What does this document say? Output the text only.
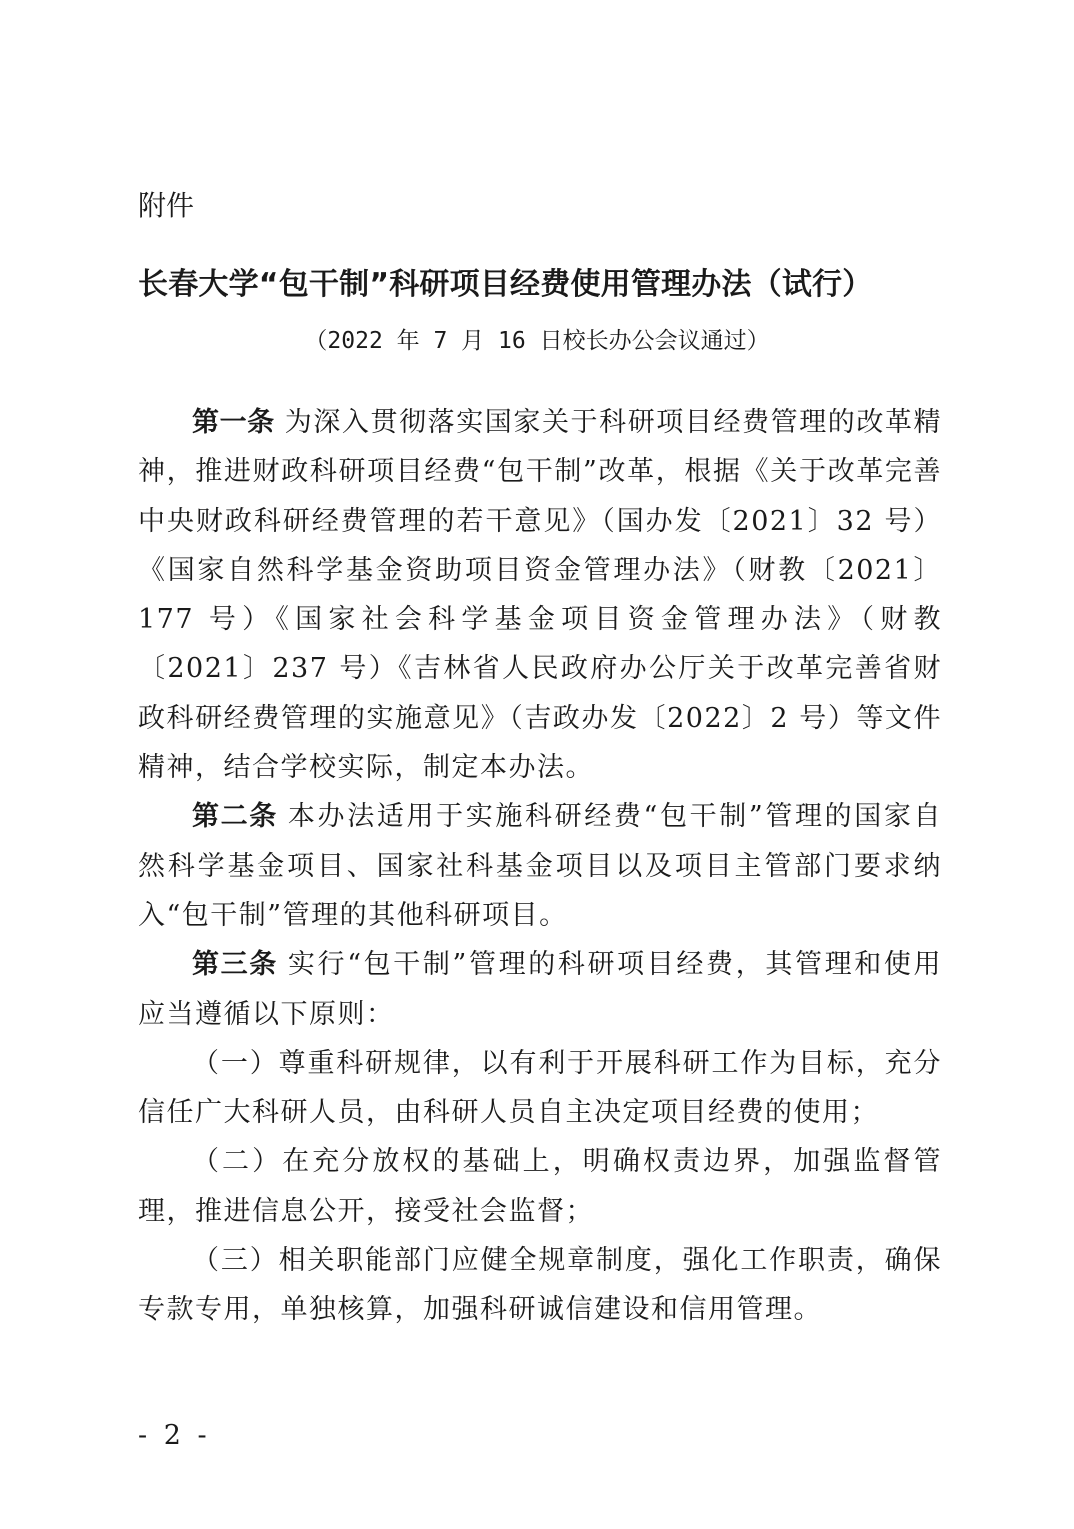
附件
长春大学“包干制”科研项目经费使用管理办法（试行）
（2022 年 7 月 16 日校长办公会议通过）

第一条 为深入贯彻落实国家关于科研项目经费管理的改革精神，推进财政科研项目经费“包干制”改革，根据《关于改革完善中央财政科研经费管理的若干意见》（国办发〔2021〕32 号）《国家自然科学基金资助项目资金管理办法》（财教〔2021〕177 号）《国家社会科学基金项目资金管理办法》（财教〔2021〕237 号）《吉林省人民政府办公厅关于改革完善省财政科研经费管理的实施意见》（吉政办发〔2022〕2 号）等文件精神，结合学校实际，制定本办法。

第二条 本办法适用于实施科研经费“包干制”管理的国家自然科学基金项目、国家社科基金项目以及项目主管部门要求纳入“包干制”管理的其他科研项目。

第三条 实行“包干制”管理的科研项目经费，其管理和使用应当遵循以下原则：

（一）尊重科研规律，以有利于开展科研工作为目标，充分信任广大科研人员，由科研人员自主决定项目经费的使用；

（二）在充分放权的基础上，明确权责边界，加强监督管理，推进信息公开，接受社会监督；

（三）相关职能部门应健全规章制度，强化工作职责，确保专款专用，单独核算，加强科研诚信建设和信用管理。

- 2 -
